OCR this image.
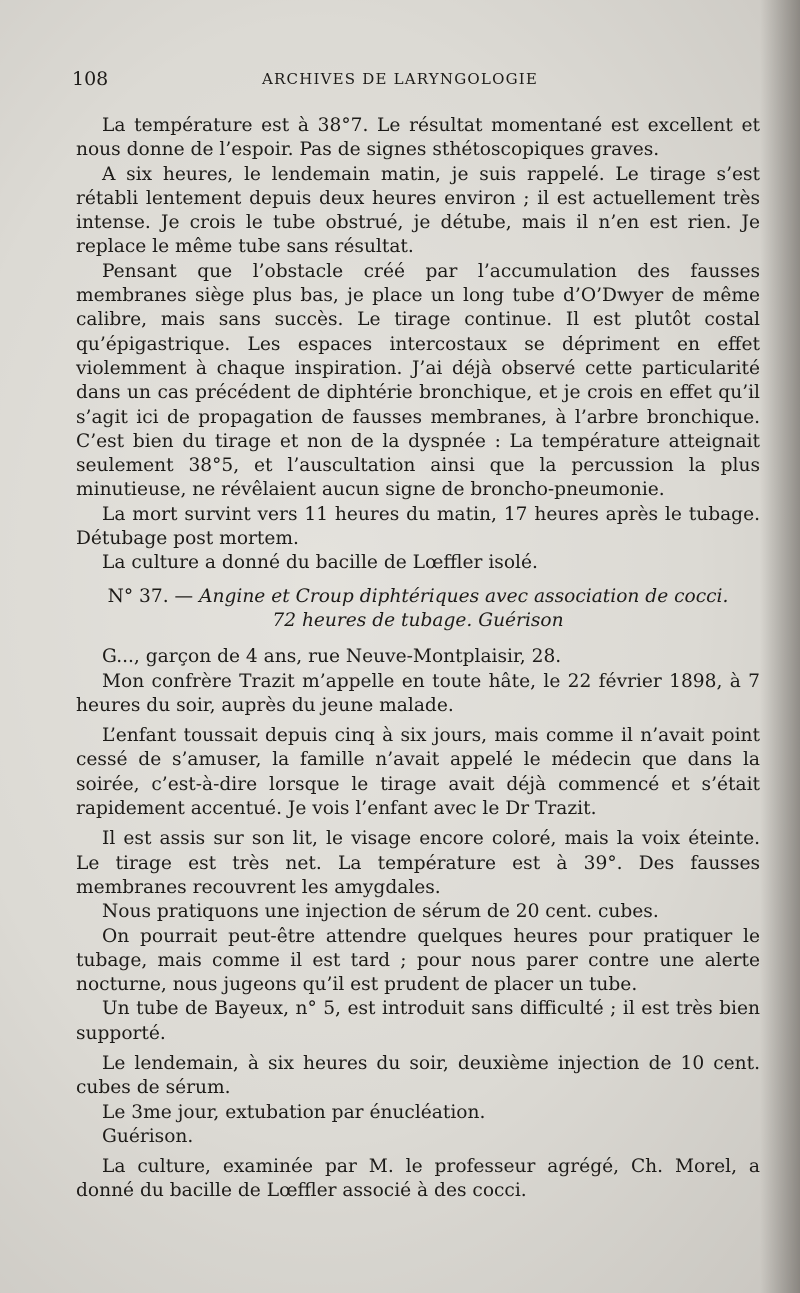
108	ARCHIVES DE LARYNGOLOGIE

La température est à 38°7. Le résultat momentané est excellent et nous donne de l’espoir. Pas de signes sthétoscopiques graves.

A six heures, le lendemain matin, je suis rappelé. Le tirage s’est rétabli lentement depuis deux heures environ ; il est actuellement très intense. Je crois le tube obstrué, je détube, mais il n’en est rien. Je replace le même tube sans résultat.

Pensant que l’obstacle créé par l’accumulation des fausses membranes siège plus bas, je place un long tube d’O’Dwyer de même calibre, mais sans succès. Le tirage continue. Il est plutôt costal qu’épigastrique. Les espaces intercostaux se dépriment en effet violemment à chaque inspiration. J’ai déjà observé cette particularité dans un cas précédent de diphtérie bronchique, et je crois en effet qu’il s’agit ici de propagation de fausses membranes, à l’arbre bronchique. C’est bien du tirage et non de la dyspnée : La température atteignait seulement 38°5, et l’auscultation ainsi que la percussion la plus minutieuse, ne révêlaient aucun signe de broncho-pneumonie.

La mort survint vers 11 heures du matin, 17 heures après le tubage. Détubage post mortem.

La culture a donné du bacille de Lœffler isolé.

N° 37. — Angine et Croup diphtériques avec association de cocci.
72 heures de tubage. Guérison

G..., garçon de 4 ans, rue Neuve-Montplaisir, 28.

Mon confrère Trazit m’appelle en toute hâte, le 22 février 1898, à 7 heures du soir, auprès du jeune malade.

L’enfant toussait depuis cinq à six jours, mais comme il n’avait point cessé de s’amuser, la famille n’avait appelé le médecin que dans la soirée, c’est-à-dire lorsque le tirage avait déjà commencé et s’était rapidement accentué. Je vois l’enfant avec le Dr Trazit.

Il est assis sur son lit, le visage encore coloré, mais la voix éteinte. Le tirage est très net. La température est à 39°. Des fausses membranes recouvrent les amygdales.

Nous pratiquons une injection de sérum de 20 cent. cubes.

On pourrait peut-être attendre quelques heures pour pratiquer le tubage, mais comme il est tard ; pour nous parer contre une alerte nocturne, nous jugeons qu’il est prudent de placer un tube.

Un tube de Bayeux, n° 5, est introduit sans difficulté ; il est très bien supporté.

Le lendemain, à six heures du soir, deuxième injection de 10 cent. cubes de sérum.

Le 3me jour, extubation par énucléation.

Guérison.

La culture, examinée par M. le professeur agrégé, Ch. Morel, a donné du bacille de Lœffler associé à des cocci.
